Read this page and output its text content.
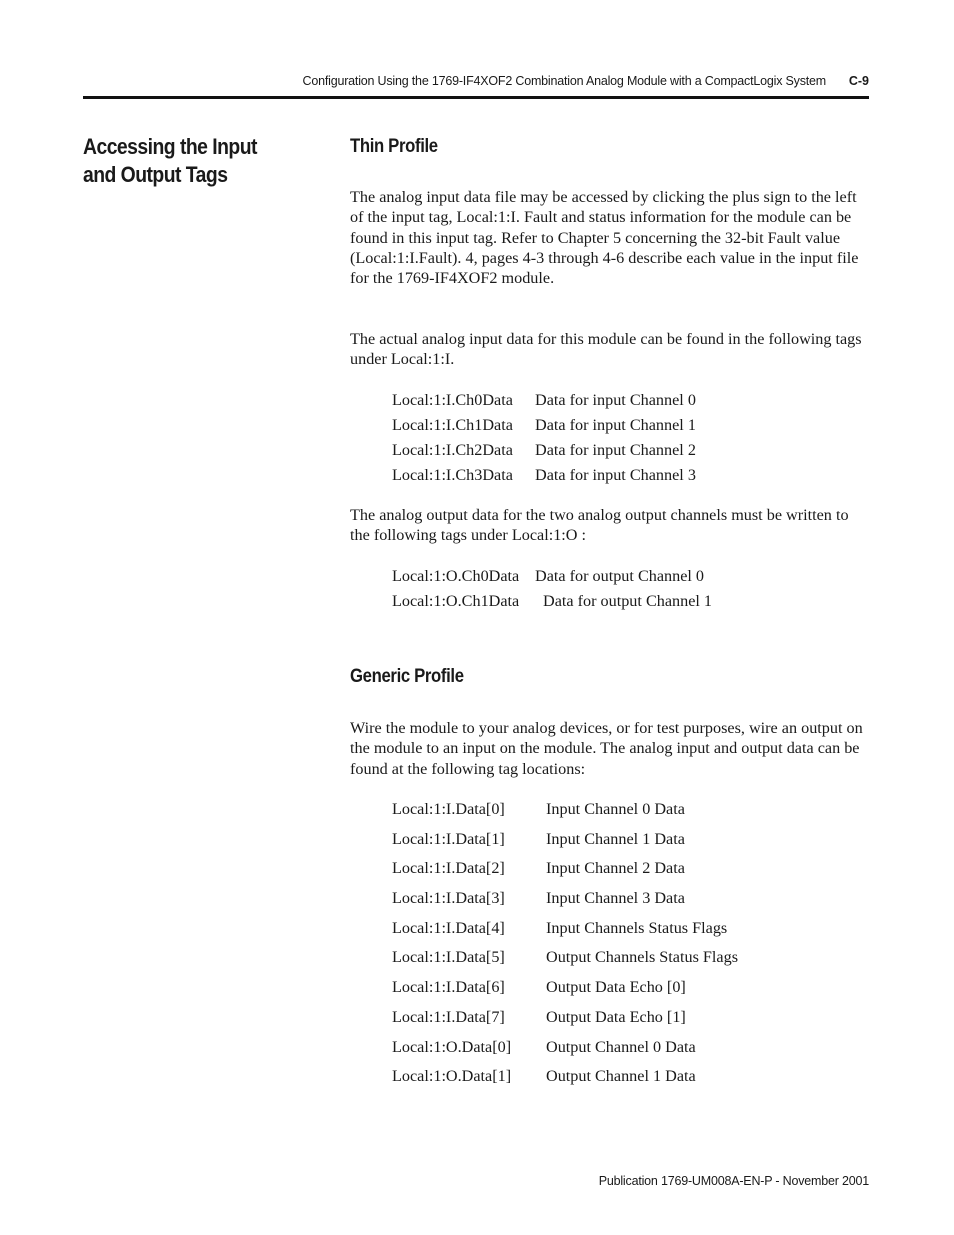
Configuration Using the 1769-IF4XOF2 Combination Analog Module with a CompactLogix System	C-9
Accessing the Input and Output Tags
Thin Profile

The analog input data file may be accessed by clicking the plus sign to the left of the input tag, Local:1:I. Fault and status information for the module can be found in this input tag. Refer to Chapter 5 concerning the 32-bit Fault value (Local:1:I.Fault). 4, pages 4-3 through 4-6 describe each value in the input file for the 1769-IF4XOF2 module.

The actual analog input data for this module can be found in the following tags under Local:1:I.

Local:1:I.Ch0Data Data for input Channel 0
Local:1:I.Ch1Data Data for input Channel 1
Local:1:I.Ch2Data Data for input Channel 2
Local:1:I.Ch3Data Data for input Channel 3

The analog output data for the two analog output channels must be written to the following tags under Local:1:O :

Local:1:O.Ch0Data Data for output Channel 0
Local:1:O.Ch1Data Data for output Channel 1
Generic Profile

Wire the module to your analog devices, or for test purposes, wire an output on the module to an input on the module. The analog input and output data can be found at the following tag locations:

Local:1:I.Data[0]	Input Channel 0 Data
Local:1:I.Data[1]	Input Channel 1 Data
Local:1:I.Data[2]	Input Channel 2 Data
Local:1:I.Data[3]	Input Channel 3 Data
Local:1:I.Data[4]	Input Channels Status Flags
Local:1:I.Data[5]	Output Channels Status Flags
Local:1:I.Data[6]	Output Data Echo [0]
Local:1:I.Data[7]	Output Data Echo [1]
Local:1:O.Data[0] Output Channel 0 Data
Local:1:O.Data[1] Output Channel 1 Data
Publication 1769-UM008A-EN-P - November 2001
